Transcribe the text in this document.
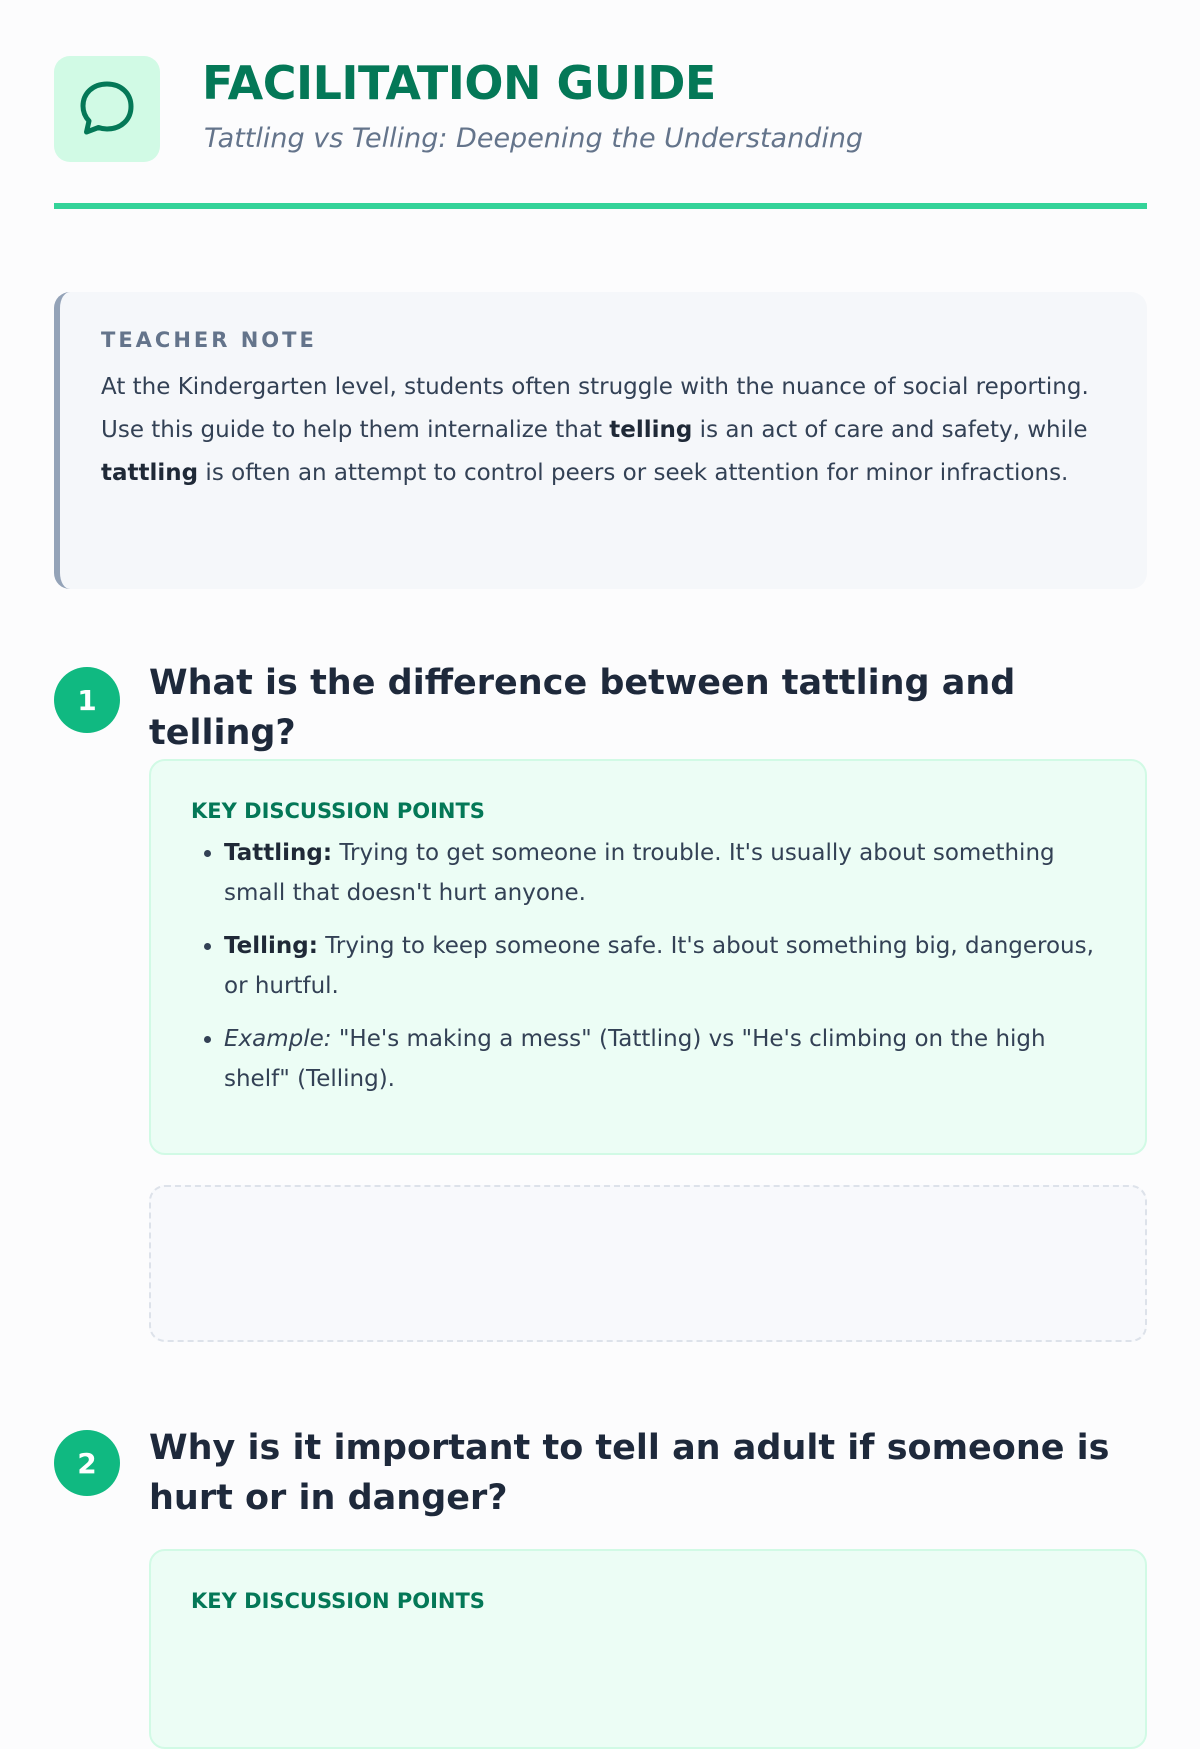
FACILITATION GUIDE
Tattling vs Telling: Deepening the Understanding
TEACHER NOTE
At the Kindergarten level, students often struggle with the nuance of social reporting. Use this guide to help them internalize that telling is an act of care and safety, while tattling is often an attempt to control peers or seek attention for minor infractions.
1	What is the difference between tattling and telling?
KEY DISCUSSION POINTS
• Tattling: Trying to get someone in trouble. It's usually about something small that doesn't hurt anyone.
• Telling: Trying to keep someone safe. It's about something big, dangerous, or hurtful.
• Example: "He's making a mess" (Tattling) vs "He's climbing on the high shelf" (Telling).
2	Why is it important to tell an adult if someone is hurt or in danger?
KEY DISCUSSION POINTS
